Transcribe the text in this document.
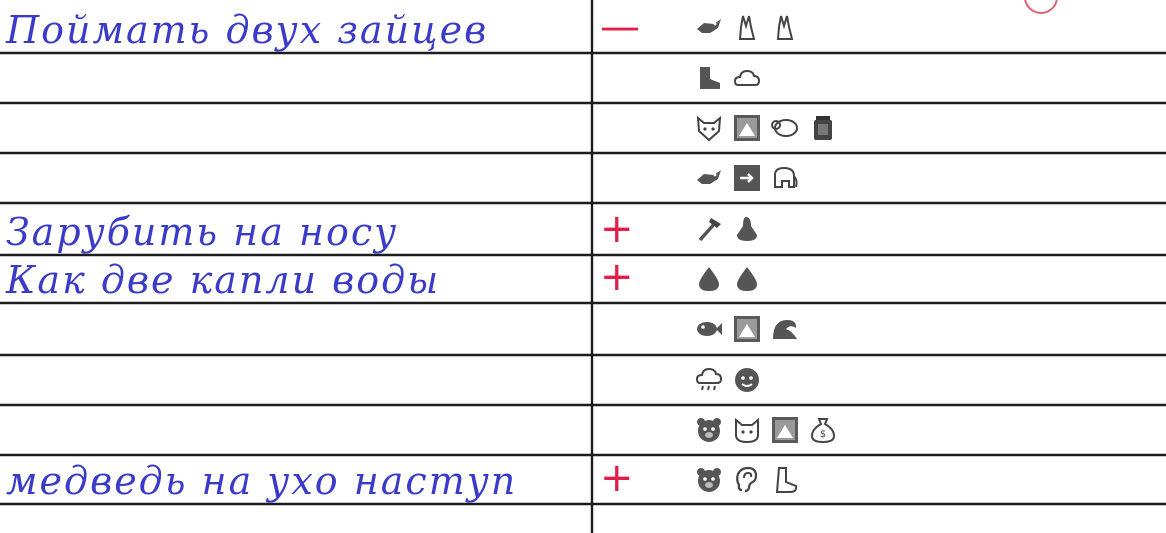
Поймать двух зайцев	—
Зарубить на носу	+
Как две капли воды	+
$
медведь на ухо наступ +
